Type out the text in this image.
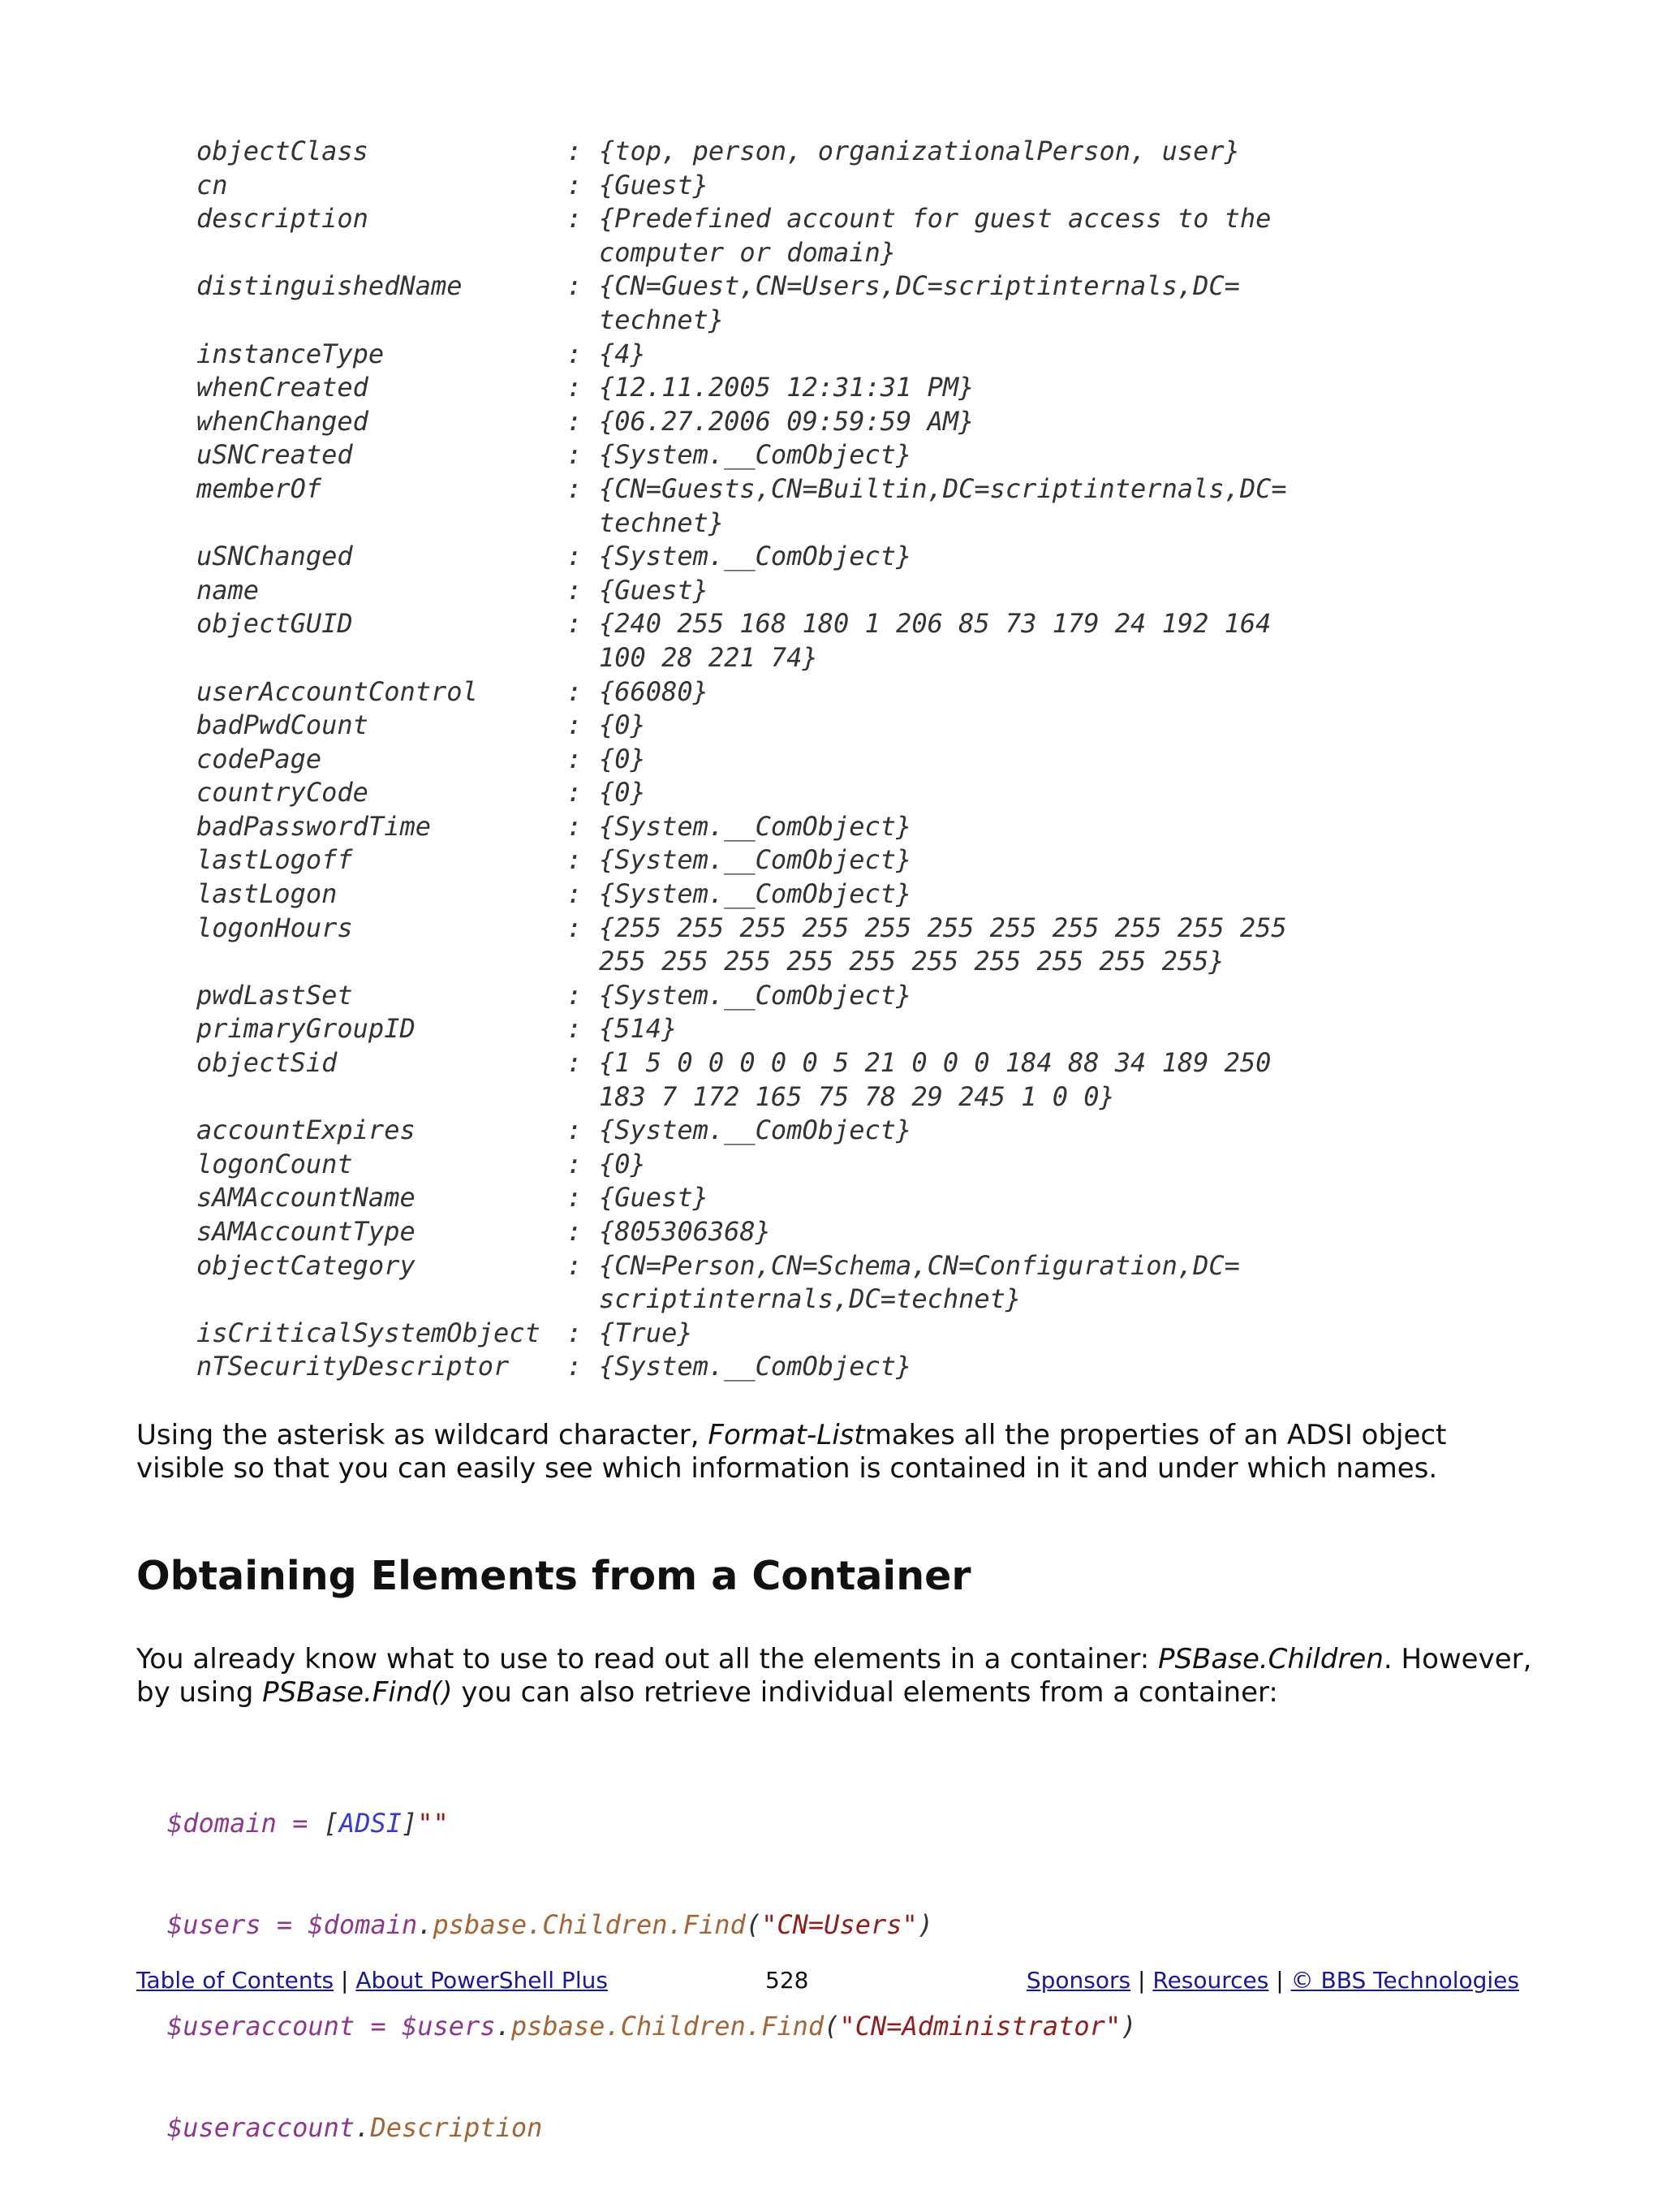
objectClass	: {top, person, organizationalPerson, user}
cn	: {Guest}
description	: {Predefined account for guest access to the
computer or domain}
distinguishedName	: {CN=Guest,CN=Users,DC=scriptinternals,DC=
technet}
instanceType	: {4}
whenCreated	: {12.11.2005 12:31:31 PM}
whenChanged	: {06.27.2006 09:59:59 AM}
uSNCreated	: {System.__ComObject}
memberOf	: {CN=Guests,CN=Builtin,DC=scriptinternals,DC=
technet}
uSNChanged	: {System.__ComObject}
name	: {Guest}
objectGUID	: {240 255 168 180 1 206 85 73 179 24 192 164
100 28 221 74}
userAccountControl	: {66080}
badPwdCount	: {0}
codePage	: {0}
countryCode	: {0}
badPasswordTime	: {System.__ComObject}
lastLogoff	: {System.__ComObject}
lastLogon	: {System.__ComObject}
logonHours	: {255 255 255 255 255 255 255 255 255 255 255
255 255 255 255 255 255 255 255 255 255}
pwdLastSet	: {System.__ComObject}
primaryGroupID	: {514}
objectSid	: {1 5 0 0 0 0 0 5 21 0 0 0 184 88 34 189 250
183 7 172 165 75 78 29 245 1 0 0}
accountExpires	: {System.__ComObject}
logonCount	: {0}
sAMAccountName	: {Guest}
sAMAccountType	: {805306368}
objectCategory	: {CN=Person,CN=Schema,CN=Configuration,DC=
scriptinternals,DC=technet}
isCriticalSystemObject	: {True}
nTSecurityDescriptor	: {System.__ComObject}

Using the asterisk as wildcard character, Format-Listmakes all the properties of an ADSI object visible so that you can easily see which information is contained in it and under which names.

Obtaining Elements from a Container

You already know what to use to read out all the elements in a container: PSBase.Children. However, by using PSBase.Find() you can also retrieve individual elements from a container:

$domain = [ADSI]""

$users = $domain.psbase.Children.Find("CN=Users")

$useraccount = $users.psbase.Children.Find("CN=Administrator")

$useraccount.Description

Table of Contents | About PowerShell Plus	528	Sponsors | Resources | © BBS Technologies
